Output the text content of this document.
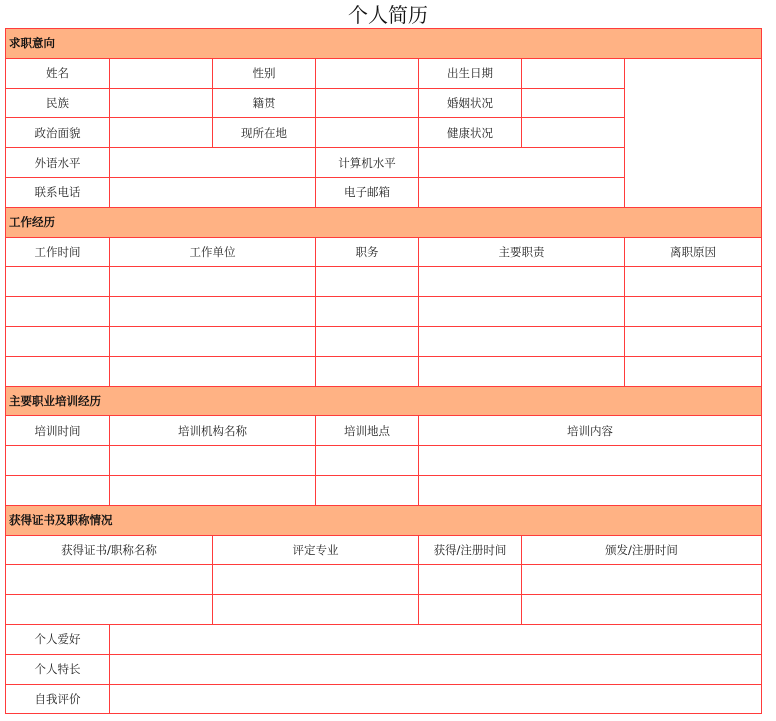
个人简历
求职意向						
姓名		性别		出生日期		
民族		籍贯		婚姻状况		
政治面貌		现所在地		健康状况		
外语水平			计算机水平			
联系电话			电子邮箱			
工作经历						
工作时间	工作单位		职务	主要职责		离职原因

主要职业培训经历						
培训时间	培训机构名称		培训地点	培训内容		

获得证书及职称情况						
获得证书/职称名称		评定专业		获得/注册时间	颁发/注册时间	

个人爱好						
个人特长						
自我评价						
